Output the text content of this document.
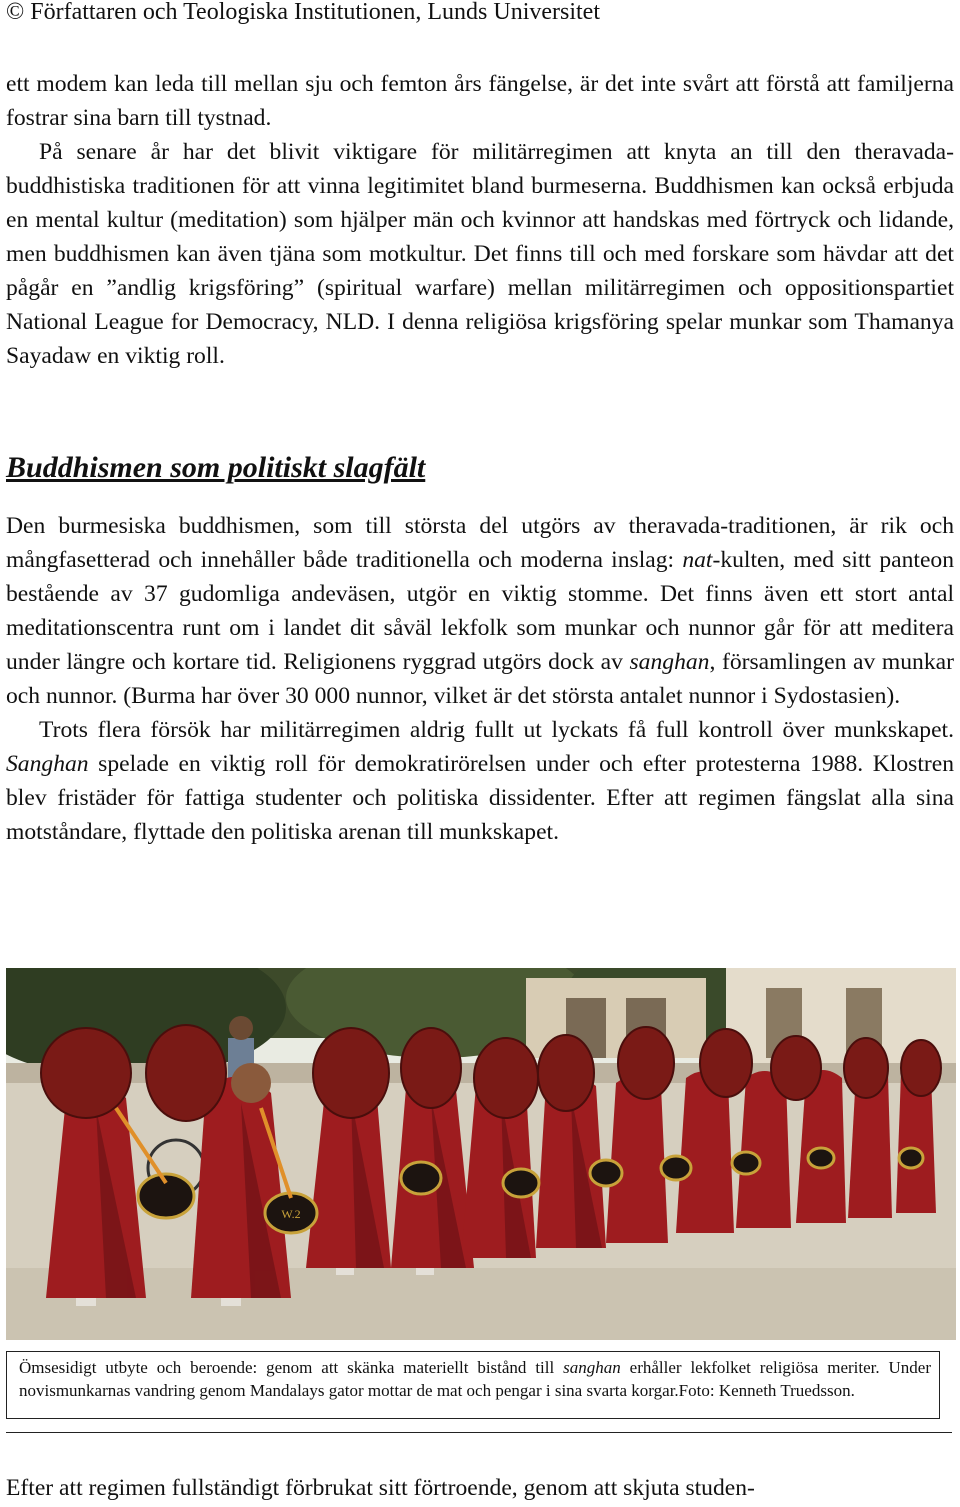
© Författaren och Teologiska Institutionen, Lunds Universitet

ett modem kan leda till mellan sju och femton års fängelse, är det inte svårt att förstå att familjerna fostrar sina barn till tystnad.

På senare år har det blivit viktigare för militärregimen att knyta an till den theravada-buddhistiska traditionen för att vinna legitimitet bland burmeserna. Buddhismen kan också erbjuda en mental kultur (meditation) som hjälper män och kvinnor att handskas med förtryck och lidande, men buddhismen kan även tjäna som motkultur. Det finns till och med forskare som hävdar att det pågår en ”andlig krigsföring” (spiritual warfare) mellan militärregimen och oppositionspartiet National League for Democracy, NLD. I denna religiösa krigsföring spelar munkar som Thamanya Sayadaw en viktig roll.

Buddhismen som politiskt slagfält

Den burmesiska buddhismen, som till största del utgörs av theravada-traditionen, är rik och mångfasetterad och innehåller både traditionella och moderna inslag: nat-kulten, med sitt panteon bestående av 37 gudomliga andeväsen, utgör en viktig stomme. Det finns även ett stort antal meditationscentra runt om i landet dit såväl lekfolk som munkar och nunnor går för att meditera under längre och kortare tid. Religionens ryggrad utgörs dock av sanghan, församlingen av munkar och nunnor. (Burma har över 30 000 nunnor, vilket är det största antalet nunnor i Sydostasien).

Trots flera försök har militärregimen aldrig fullt ut lyckats få full kontroll över munkskapet. Sanghan spelade en viktig roll för demokratirörelsen under och efter protesterna 1988. Klostren blev fristäder för fattiga studenter och politiska dissidenter. Efter att regimen fängslat alla sina motståndare, flyttade den politiska arenan till munkskapet.

W.2
Ömsesidigt utbyte och beroende: genom att skänka materiellt bistånd till sanghan erhåller lekfolket religiösa meriter. Under novismunkarnas vandring genom Mandalays gator mottar de mat och pengar i sina svarta korgar.Foto: Kenneth Truedsson.
Efter att regimen fullständigt förbrukat sitt förtroende, genom att skjuta studen-
